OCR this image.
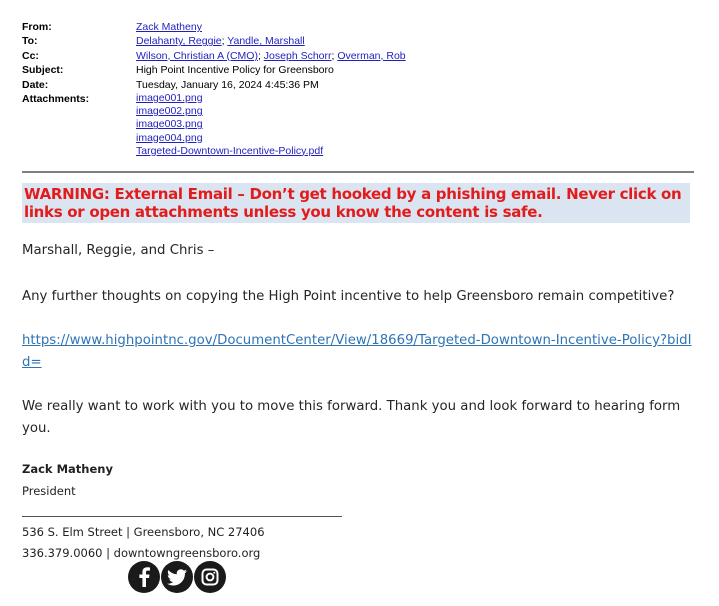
From:	Zack Matheny
To:	Delahanty, Reggie; Yandle, Marshall
Cc:	Wilson, Christian A (CMO); Joseph Schorr; Overman, Rob
Subject:	High Point Incentive Policy for Greensboro
Date:	Tuesday, January 16, 2024 4:45:36 PM
Attachments:	image001.png
image002.png
image003.png
image004.png
Targeted-Downtown-Incentive-Policy.pdf
WARNING: External Email – Don’t get hooked by a phishing email. Never click on links or open attachments unless you know the content is safe.
Marshall, Reggie, and Chris –
Any further thoughts on copying the High Point incentive to help Greensboro remain competitive?
https://www.highpointnc.gov/DocumentCenter/View/18669/Targeted-Downtown-Incentive-Policy?bidId=
We really want to work with you to move this forward. Thank you and look forward to hearing form you.
Zack Matheny
President
536 S. Elm Street | Greensboro, NC 27406
336.379.0060 | downtowngreensboro.org
